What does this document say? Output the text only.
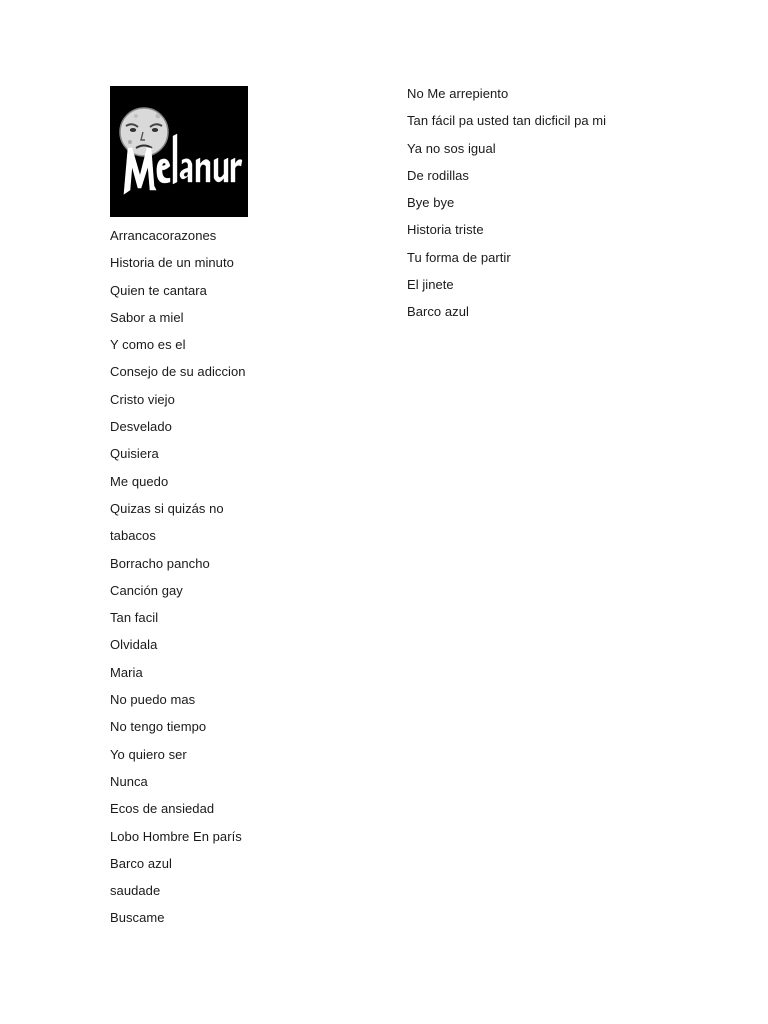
Arrancacorazones
Historia de un minuto
Quien te cantara
Sabor a miel
Y como es el
Consejo de su adiccion
Cristo viejo
Desvelado
Quisiera
Me quedo
Quizas si quizás no
tabacos
Borracho pancho
Canción gay
Tan facil
Olvidala
Maria
No puedo mas
No tengo tiempo
Yo quiero ser
Nunca
Ecos de ansiedad
Lobo Hombre En parís
Barco azul
saudade
Buscame
No Me arrepiento
Tan fácil pa usted tan dicficil pa mi
Ya no sos igual
De rodillas
Bye bye
Historia triste
Tu forma de partir
El jinete
Barco azul
